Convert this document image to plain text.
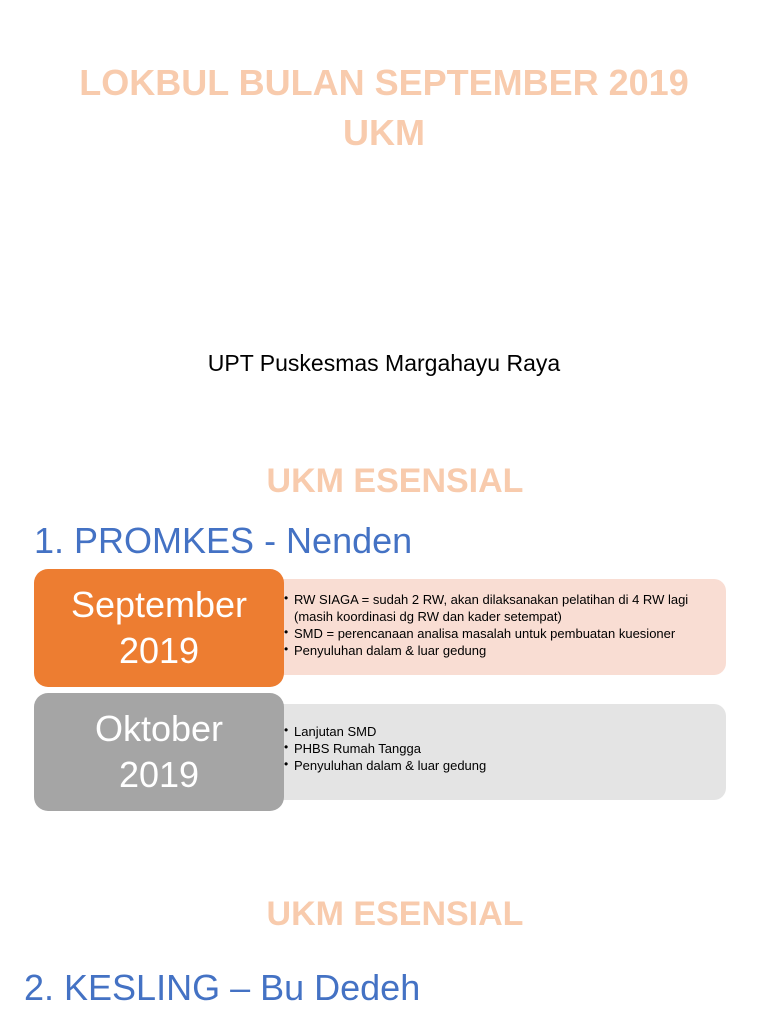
LOKBUL BULAN SEPTEMBER 2019
UKM
UPT Puskesmas Margahayu Raya
UKM ESENSIAL
1. PROMKES - Nenden
• RW SIAGA = sudah 2 RW, akan dilaksanakan pelatihan di 4 RW lagi (masih koordinasi dg RW dan kader setempat)
• SMD = perencanaan analisa masalah untuk pembuatan kuesioner
• Penyuluhan dalam & luar gedung
September
2019
• Lanjutan SMD
• PHBS Rumah Tangga
• Penyuluhan dalam & luar gedung
Oktober
2019
UKM ESENSIAL
2. KESLING – Bu Dedeh
